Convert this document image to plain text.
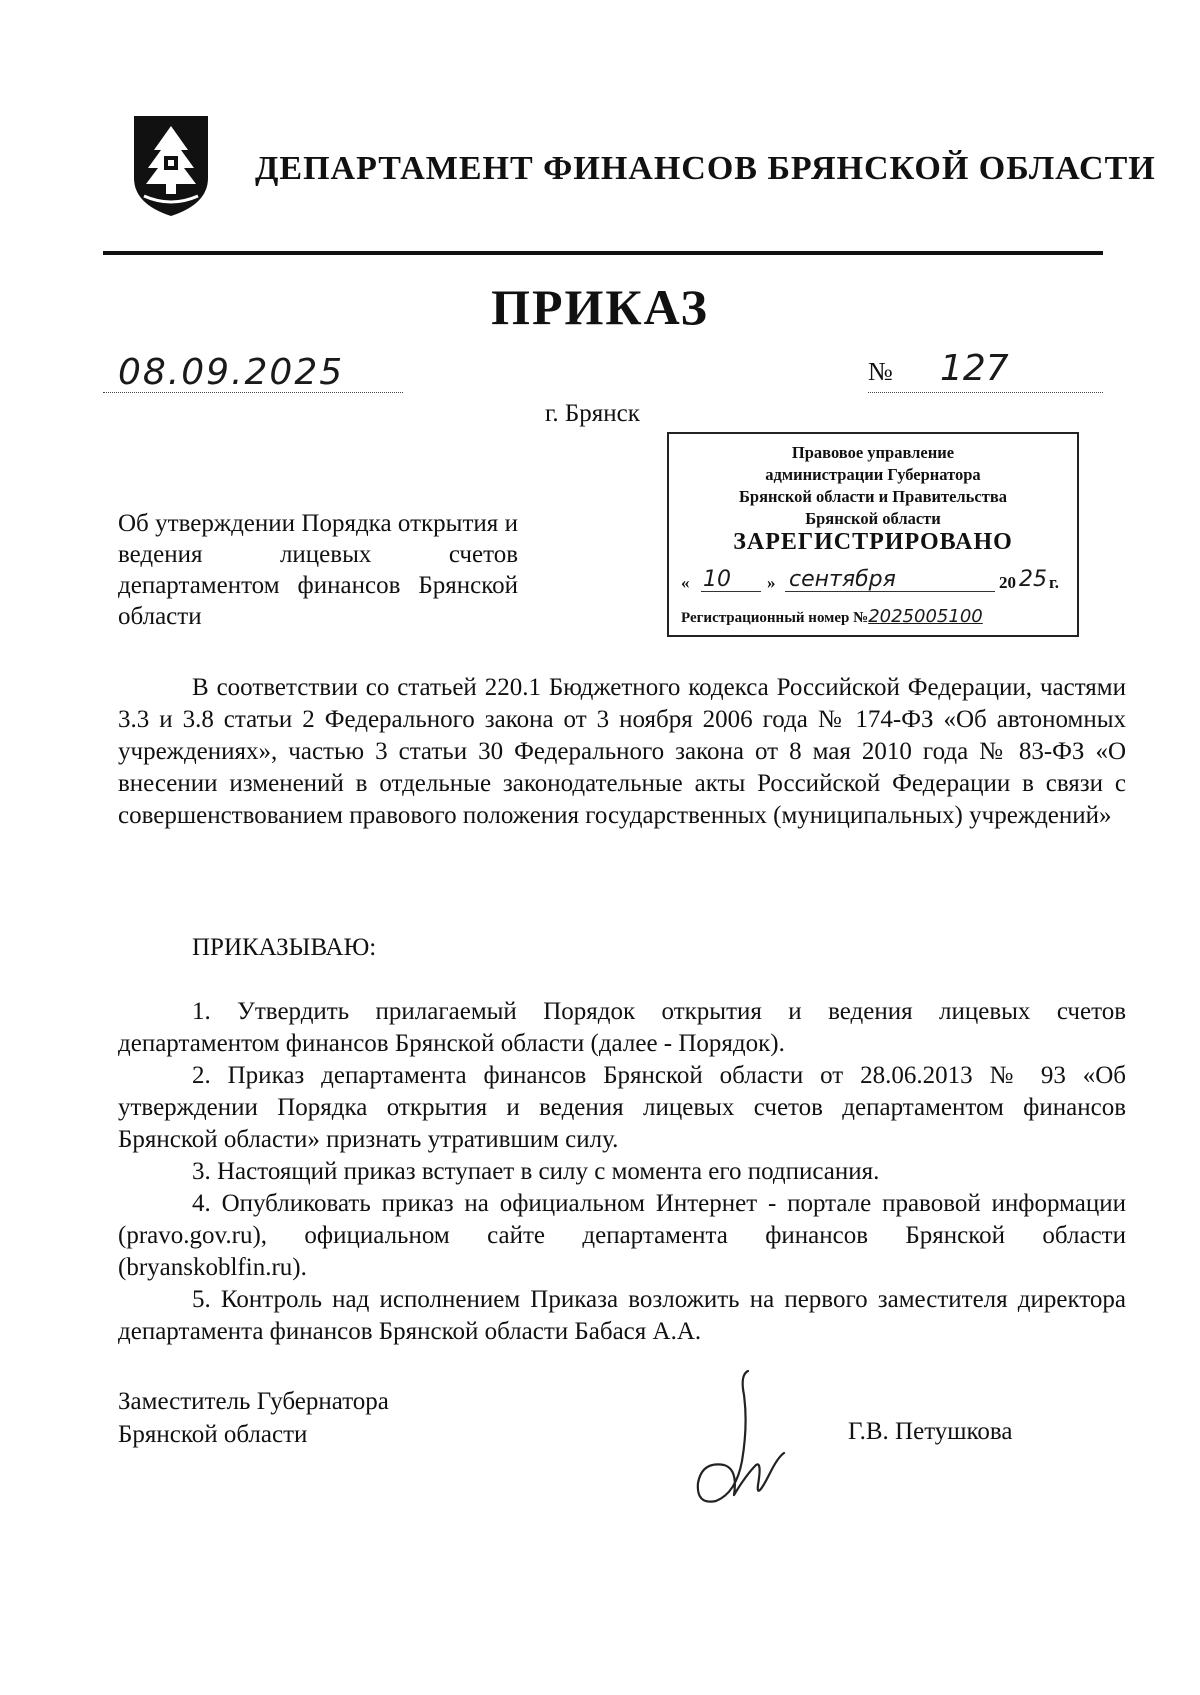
ДЕПАРТАМЕНТ ФИНАНСОВ БРЯНСКОЙ ОБЛАСТИ
ПРИКАЗ
08.09.2025	№ 127
г. Брянск
Правовое управление
администрации Губернатора
Брянской области и Правительства
Брянской области
ЗАРЕГИСТРИРОВАНО
« 10 » сентября	20 25 г.
Регистрационный номер №2025005100
Об утверждении Порядка открытия и ведения лицевых счетов департаментом финансов Брянской области
В соответствии со статьей 220.1 Бюджетного кодекса Российской Федерации, частями 3.3 и 3.8 статьи 2 Федерального закона от 3 ноября 2006 года № 174-ФЗ «Об автономных учреждениях», частью 3 статьи 30 Федерального закона от 8 мая 2010 года № 83-ФЗ «О внесении изменений в отдельные законодательные акты Российской Федерации в связи с совершенствованием правового положения государственных (муниципальных) учреждений»
ПРИКАЗЫВАЮ:

1. Утвердить прилагаемый Порядок открытия и ведения лицевых счетов департаментом финансов Брянской области (далее - Порядок).

2. Приказ департамента финансов Брянской области от 28.06.2013 № 93 «Об утверждении Порядка открытия и ведения лицевых счетов департаментом финансов Брянской области» признать утратившим силу.

3. Настоящий приказ вступает в силу с момента его подписания.

4. Опубликовать приказ на официальном Интернет - портале правовой информации (pravo.gov.ru), официальном сайте департамента финансов Брянской области (bryanskoblfin.ru).

5. Контроль над исполнением Приказа возложить на первого заместителя директора департамента финансов Брянской области Бабася А.А.

Заместитель Губернатора
Брянской области	Г.В. Петушкова
